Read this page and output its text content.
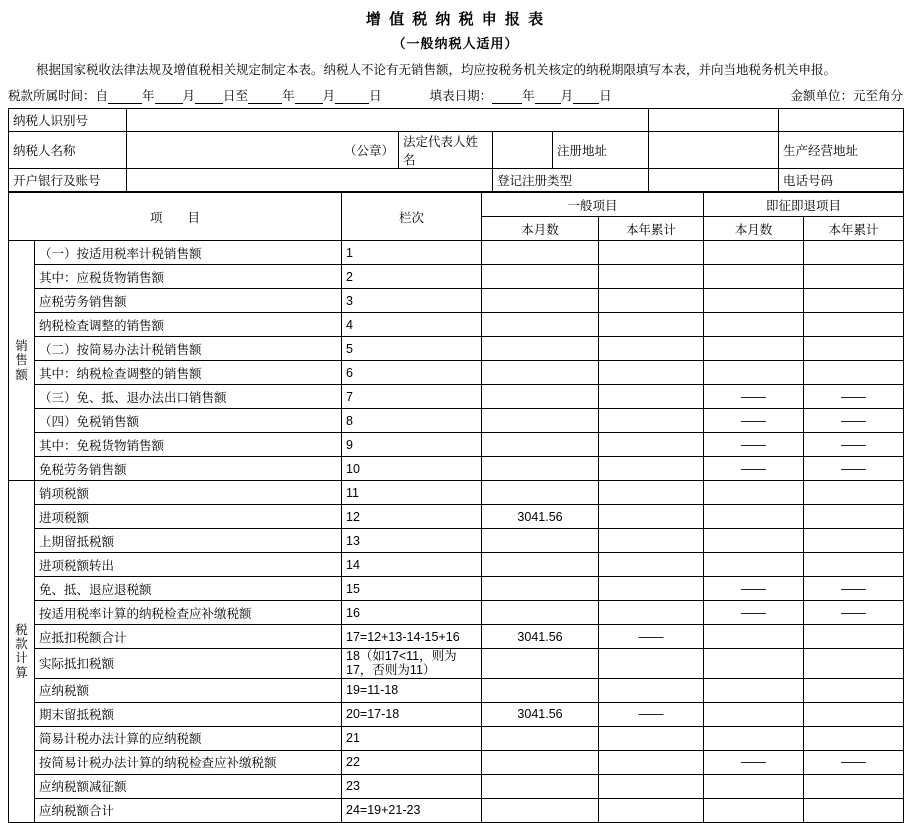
增 值 税 纳 税 申 报 表
（一般纳税人适用）
根据国家税收法律法规及增值税相关规定制定本表。纳税人不论有无销售额，均应按税务机关核定的纳税期限填写本表，并向当地税务机关申报。
税款所属时间：自	年 月 日至	年 月	日	填表日期： 年 月 日	金额单位：元至角分
纳税人识别号						
纳税人名称	（公章）	法定代表人姓名		注册地址		生产经营地址
开户银行及账号			登记注册类型			电话号码
项　　目		栏次	一般项目		即征即退项目	
			本月数	本年累计	本月数	本年累计

销
售
额	（一）按适用税率计税销售额	1				
	其中：应税货物销售额	2				
	应税劳务销售额	3				
	纳税检查调整的销售额	4				
	（二）按简易办法计税销售额	5				
	其中：纳税检查调整的销售额	6				
	（三）免、抵、退办法出口销售额	7			——	——
	（四）免税销售额	8			——	——
	其中：免税货物销售额	9			——	——
	免税劳务销售额	10			——	——

税
款
计
算	销项税额	11				
	进项税额	12	3041.56			
	上期留抵税额	13				
	进项税额转出	14				
	免、抵、退应退税额	15			——	——
	按适用税率计算的纳税检查应补缴税额	16			——	——
	应抵扣税额合计	17=12+13-14-15+16	3041.56	——		
	实际抵扣税额	18（如17<11，则为17，否则为11）				
	应纳税额	19=11-18				
	期末留抵税额	20=17-18	3041.56	——		
	简易计税办法计算的应纳税额	21				
	按简易计税办法计算的纳税检查应补缴税额	22			——	——
	应纳税额减征额	23				
	应纳税额合计	24=19+21-23				
